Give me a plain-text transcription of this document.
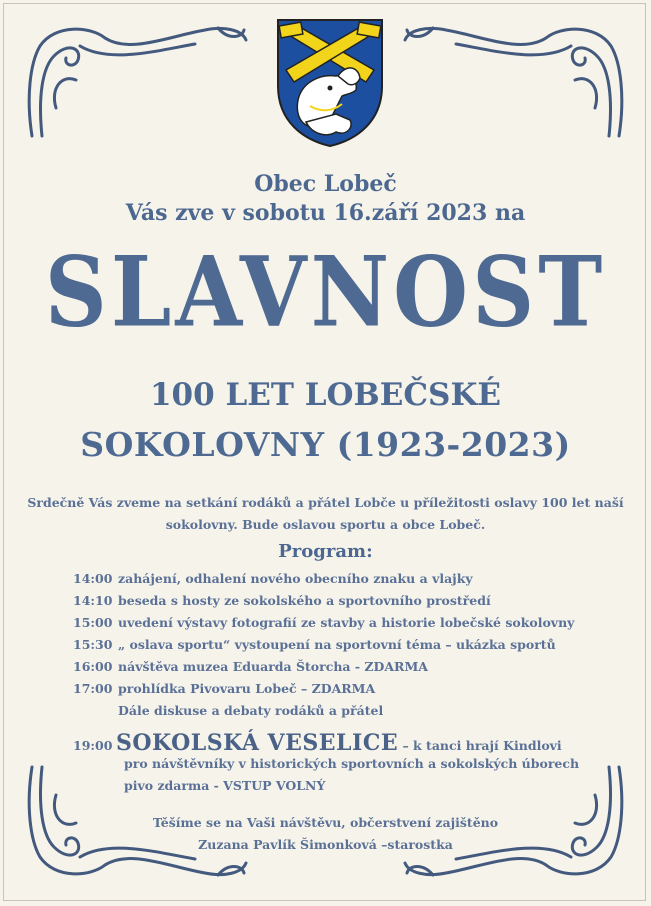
Obec Lobeč
Vás zve v sobotu 16.září 2023 na
SLAVNOST
100 LET LOBEČSKÉ
SOKOLOVNY (1923-2023)
Srdečně Vás zveme na setkání rodáků a přátel Lobče u příležitosti oslavy 100 let naší
sokolovny. Bude oslavou sportu a obce Lobeč.
Program:
14:00 zahájení, odhalení nového obecního znaku a vlajky
14:10 beseda s hosty ze sokolského a sportovního prostředí
15:00 uvedení výstavy fotografií ze stavby a historie lobečské sokolovny
15:30 „ oslava sportu“ vystoupení na sportovní téma – ukázka sportů
16:00 návštěva muzea Eduarda Štorcha - ZDARMA
17:00 prohlídka Pivovaru Lobeč – ZDARMA
Dále diskuse a debaty rodáků a přátel
19:00 SOKOLSKÁ VESELICE – k tanci hrají Kindlovi
pro návštěvníky v historických sportovních a sokolských úborech
pivo zdarma - VSTUP VOLNÝ
Těšíme se na Vaši návštěvu, občerstvení zajištěno
Zuzana Pavlík Šimonková –starostka
